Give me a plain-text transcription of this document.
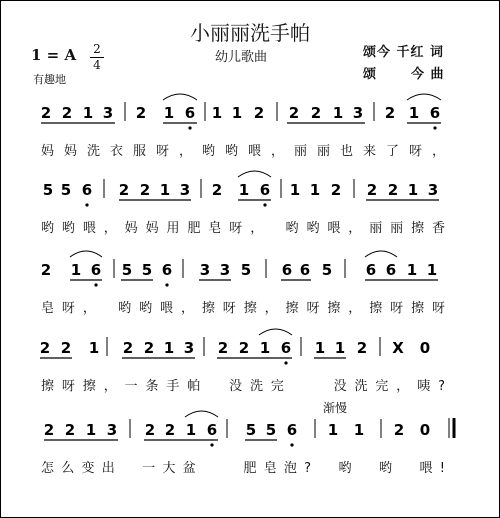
小丽丽洗手帕
1 = A 2
4	幼儿歌曲	颂今 千红 词
颂	今 曲
有趣地
渐慢
2 2 1 3 2 1 6 1 1 2 2 2 1 3 2 1 6
妈妈洗衣服呀，哟哟喂，丽丽也来了呀，
5 5 6 2 2 1 3 2 1 6 1 1 2 2 2 1 3
哟哟喂，妈妈用肥皂呀，　哟哟喂，丽丽擦香
2 1 6 5 5 6 3 3 5 6 6 5 6 6 1 1
皂呀，　哟哟喂，擦呀擦，擦呀擦，擦呀擦呀
2 2 1 2 2 1 3 2 2 1 6 1 1 2 X 0
擦呀擦，一条手帕　没洗完　　没洗完，咦?
2 2 1 3 2 2 1 6 5 5 6 1 1 2 0
怎么变出　一大盆　　肥皂泡?　哟　哟　喂!
